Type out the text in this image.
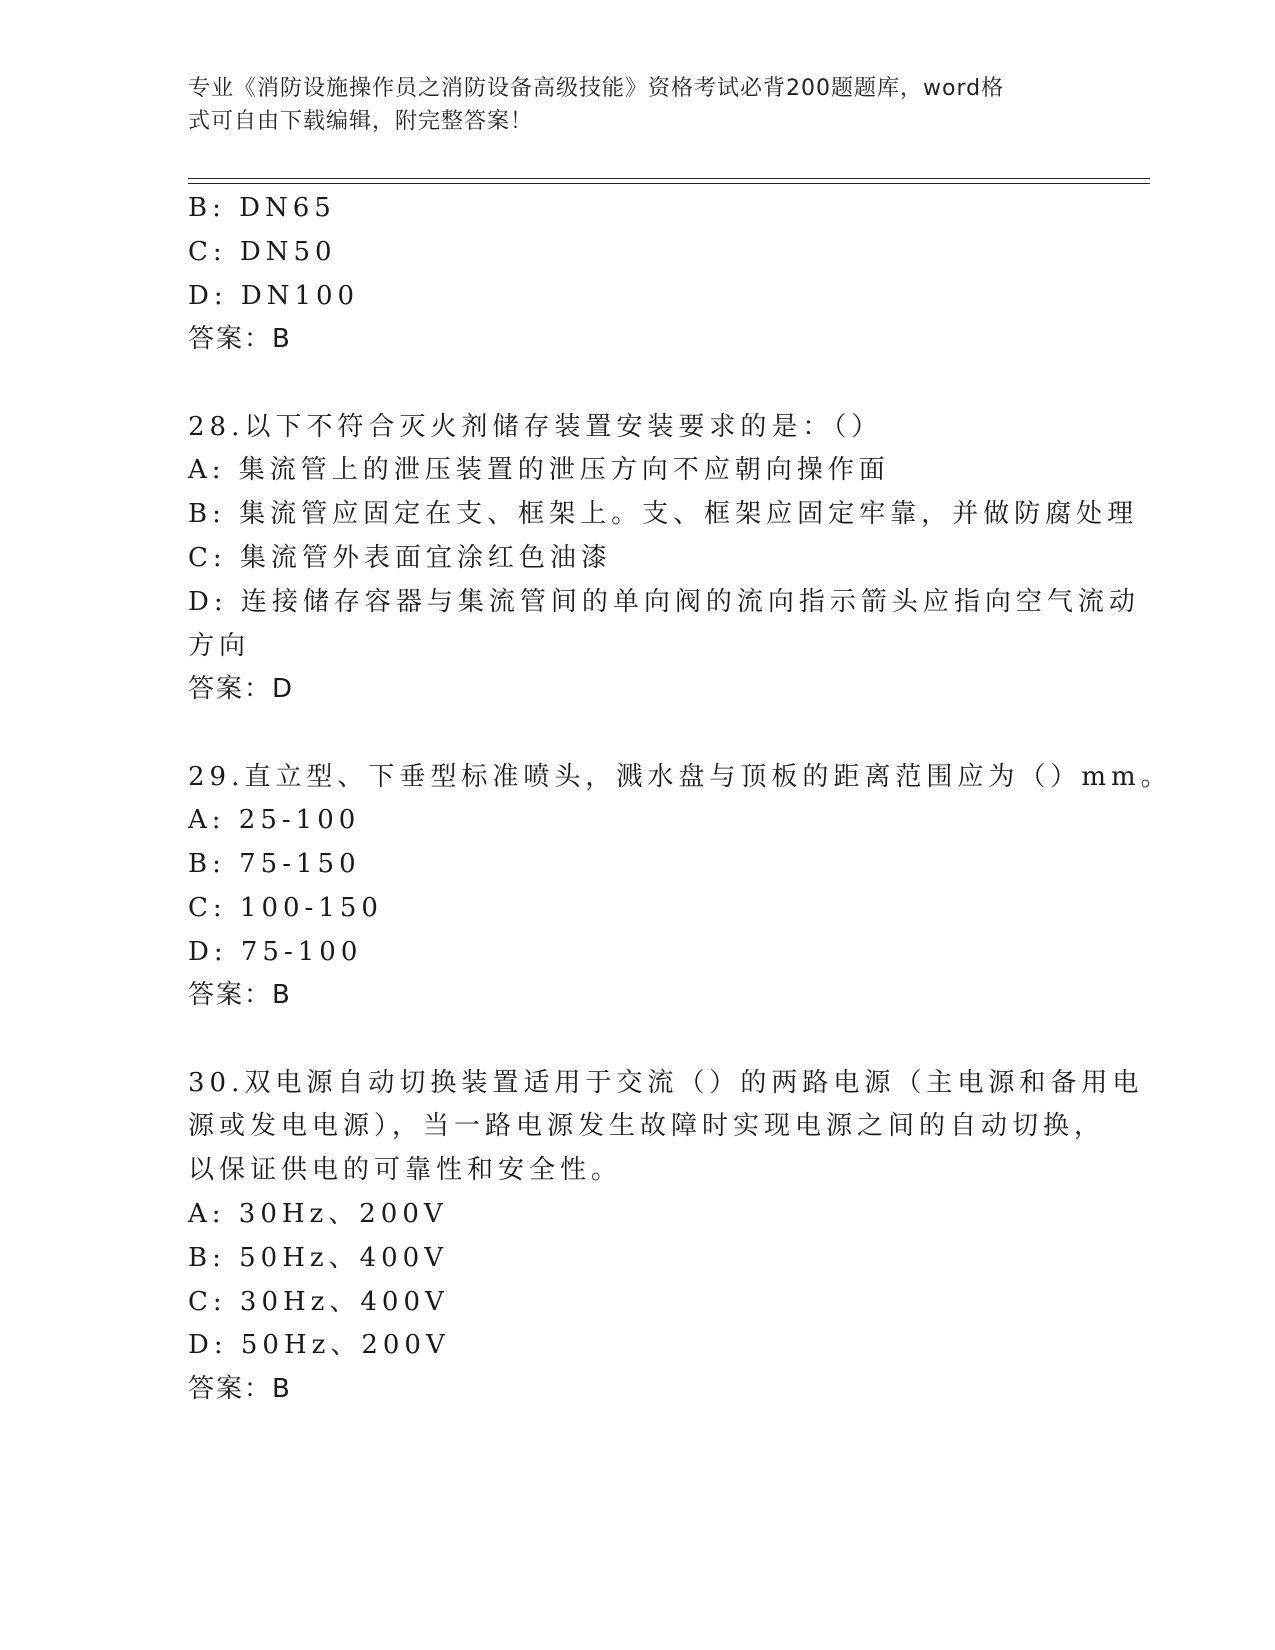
专业《消防设施操作员之消防设备高级技能》资格考试必背200题题库，word格
式可自由下载编辑，附完整答案！
B: DN65
C: DN50
D: DN100
答案：B
28.以下不符合灭火剂储存装置安装要求的是：（）
A: 集流管上的泄压装置的泄压方向不应朝向操作面
B: 集流管应固定在支、框架上。支、框架应固定牢靠，并做防腐处理
C: 集流管外表面宜涂红色油漆
D: 连接储存容器与集流管间的单向阀的流向指示箭头应指向空气流动
方向
答案：D
29.直立型、下垂型标准喷头，溅水盘与顶板的距离范围应为（）mm。
A: 25-100
B: 75-150
C: 100-150
D: 75-100
答案：B
30.双电源自动切换装置适用于交流（）的两路电源（主电源和备用电
源或发电电源），当一路电源发生故障时实现电源之间的自动切换，
以保证供电的可靠性和安全性。
A: 30Hz、200V
B: 50Hz、400V
C: 30Hz、400V
D: 50Hz、200V
答案：B
